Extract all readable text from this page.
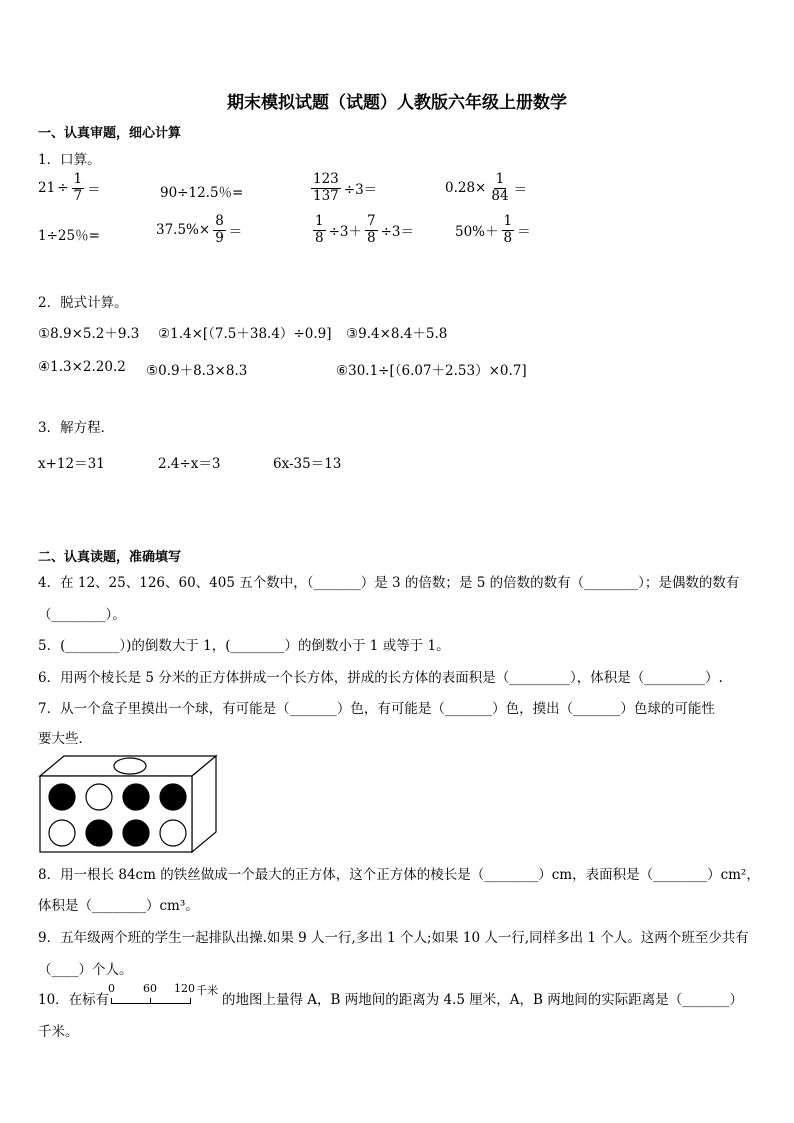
期末模拟试题（试题）人教版六年级上册数学
一、认真审题，细心计算
1．口算。
$21 \div \frac{1}{7}$ ＝	90÷12.5％=	$\frac{123}{137} \div 3=$	$0.28\times \frac{1}{84}$ ＝
1÷25％=	$37.5\%\times \frac{8}{9}$ ＝	$\frac{1}{8} \div 3+ \frac{7}{8} \div 3=$	$50\%+ \frac{1}{8}$ ＝
2．脱式计算。
①8.9×5.2＋9.3 ②1.4×[（7.5＋38.4）÷0.9] ③9.4×8.4＋5.8
④1.3×2.20.2 ⑤0.9＋8.3×8.3	⑥30.1÷[（6.07＋2.53）×0.7]
3．解方程．
x+12＝31	2.4÷x＝3	6x-35＝13
二、认真读题，准确填写
4．在 12、25、126、60、405 五个数中，（_______）是 3 的倍数；是 5 的倍数的数有（________）；是偶数的数有
（________）。
5．(________）)的倒数大于 1，(________）的倒数小于 1 或等于 1。
6．用两个棱长是 5 分米的正方体拼成一个长方体，拼成的长方体的表面积是（_________），体积是（_________）.
7．从一个盒子里摸出一个球，有可能是（_______）色，有可能是（_______）色，摸出（_______）色球的可能性
要大些．
8．用一根长 84cm 的铁丝做成一个最大的正方体，这个正方体的棱长是（________）cm，表面积是（________）cm²，
体积是（________）cm³。
9．五年级两个班的学生一起排队出操.如果 9 人一行,多出 1 个人;如果 10 人一行,同样多出 1 个人。这两个班至少共有
（____）个人。
10．在标有
0	60 120 千米
的地图上量得 A，B 两地间的距离为 4.5 厘米，A，B 两地间的实际距离是（_______）
千米。
